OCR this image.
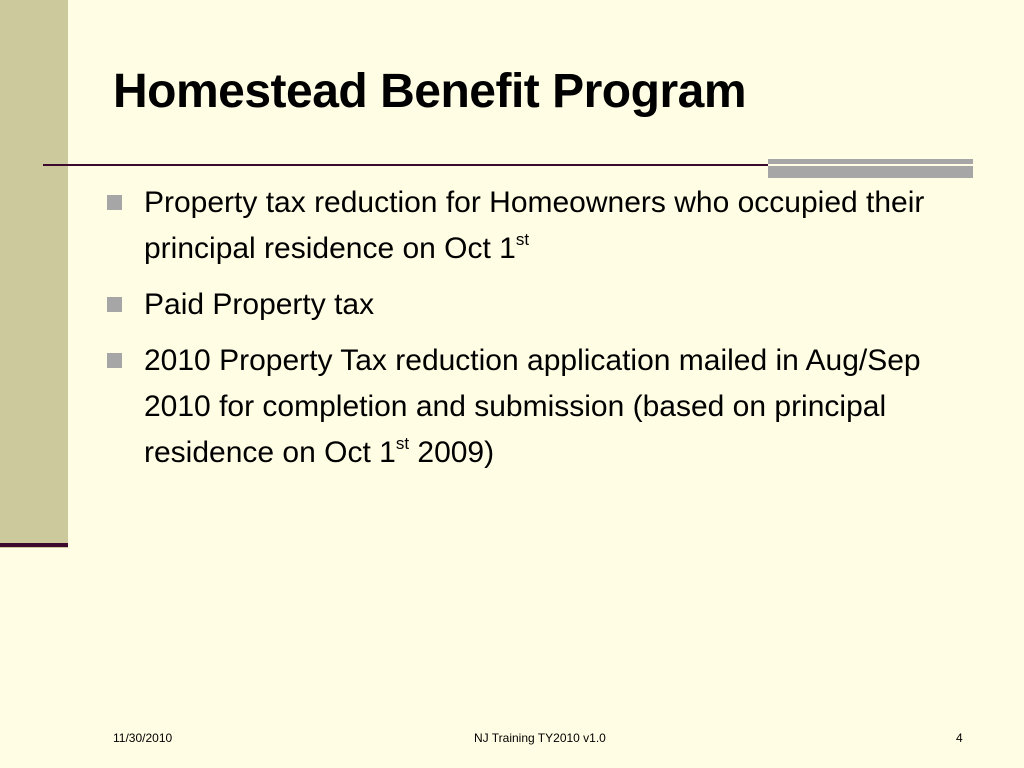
Homestead Benefit Program
Property tax reduction for Homeowners who occupied their principal residence on Oct 1st
Paid Property tax
2010 Property Tax reduction application mailed in Aug/Sep 2010 for completion and submission (based on principal residence on Oct 1st 2009)
11/30/2010	NJ Training TY2010 v1.0	4
